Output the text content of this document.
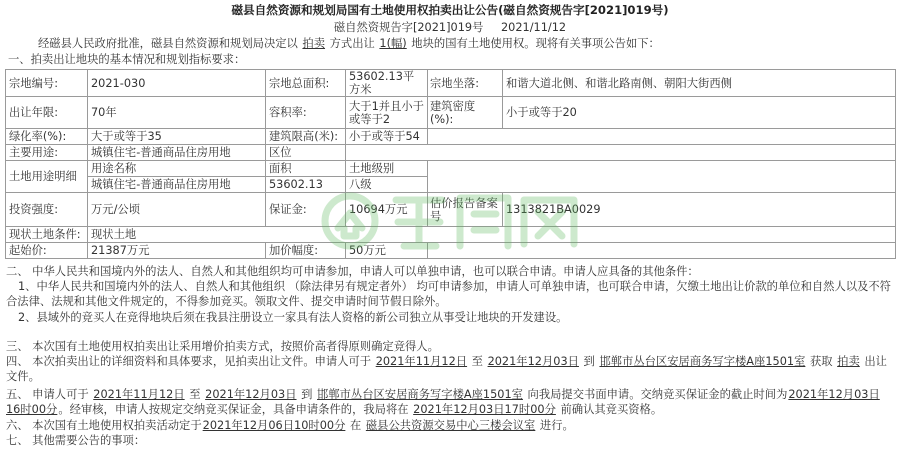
磁县自然资源和规划局国有土地使用权拍卖出让公告(磁自然资规告字[2021]019号)
磁自然资规告字[2021]019号 2021/11/12
经磁县人民政府批准，磁县自然资源和规划局决定以 拍卖 方式出让 1(幅) 地块的国有土地使用权。现将有关事项公告如下：
一、拍卖出让地块的基本情况和规划指标要求：
宗地编号:	2021-030	宗地总面积:	53602.13平方米	宗地坐落:	和谐大道北侧、和谐北路南侧、朝阳大街西侧
出让年限:	70年	容积率:	大于1并且小于或等于2	建筑密度(%):	小于或等于20
绿化率(%):	大于或等于35	建筑限高(米):	小于或等于54		
主要用途:	城镇住宅-普通商品住房用地	区位			
土地用途明细	用途名称	面积	土地级别		
	城镇住宅-普通商品住房用地	53602.13	八级		
投资强度:	万元/公顷	保证金:	10694万元	估价报告备案号	1313821BA0029
现状土地条件:	现状土地				
起始价:	21387万元	加价幅度:	50万元		
二、 中华人民共和国境内外的法人、自然人和其他组织均可申请参加，申请人可以单独申请，也可以联合申请。申请人应具备的其他条件：
1、中华人民共和国境内外的法人、自然人和其他组织 （除法律另有规定者外） 均可申请参加，申请人可单独申请，也可联合申请，欠缴土地出让价款的单位和自然人以及不符合法律、法规和其他文件规定的，不得参加竞买。领取文件、提交申请时间节假日除外。
2、县域外的竞买人在竞得地块后须在我县注册设立一家具有法人资格的新公司独立从事受让地块的开发建设。
三、 本次国有土地使用权拍卖出让采用增价拍卖方式，按照价高者得原则确定竞得人。
四、 本次拍卖出让的详细资料和具体要求，见拍卖出让文件。申请人可于 2021年11月12日 至 2021年12月03日 到 邯郸市丛台区安居商务写字楼A座1501室 获取 拍卖 出让文件。
五、 申请人可于 2021年11月12日 至 2021年12月03日 到 邯郸市丛台区安居商务写字楼A座1501室 向我局提交书面申请。交纳竞买保证金的截止时间为2021年12月03日16时00分。经审核，申请人按规定交纳竞买保证金，具备申请条件的，我局将在 2021年12月03日17时00分 前确认其竞买资格。
六、 本次国有土地使用权拍卖活动定于2021年12月06日10时00分 在 磁县公共资源交易中心三楼会议室 进行。
七、 其他需要公告的事项：
